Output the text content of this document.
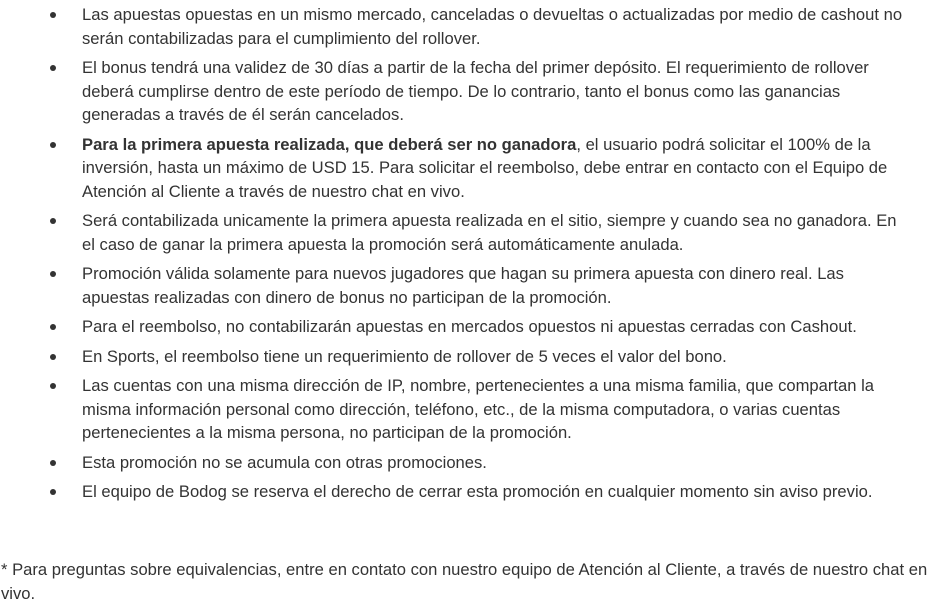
Las apuestas opuestas en un mismo mercado, canceladas o devueltas o actualizadas por medio de cashout no serán contabilizadas para el cumplimiento del rollover.
El bonus tendrá una validez de 30 días a partir de la fecha del primer depósito. El requerimiento de rollover deberá cumplirse dentro de este período de tiempo. De lo contrario, tanto el bonus como las ganancias generadas a través de él serán cancelados.
Para la primera apuesta realizada, que deberá ser no ganadora, el usuario podrá solicitar el 100% de la inversión, hasta un máximo de USD 15. Para solicitar el reembolso, debe entrar en contacto con el Equipo de Atención al Cliente a través de nuestro chat en vivo.
Será contabilizada unicamente la primera apuesta realizada en el sitio, siempre y cuando sea no ganadora. En el caso de ganar la primera apuesta la promoción será automáticamente anulada.
Promoción válida solamente para nuevos jugadores que hagan su primera apuesta con dinero real. Las apuestas realizadas con dinero de bonus no participan de la promoción.
Para el reembolso, no contabilizarán apuestas en mercados opuestos ni apuestas cerradas con Cashout.
En Sports, el reembolso tiene un requerimiento de rollover de 5 veces el valor del bono.
Las cuentas con una misma dirección de IP, nombre, pertenecientes a una misma familia, que compartan la misma información personal como dirección, teléfono, etc., de la misma computadora, o varias cuentas pertenecientes a la misma persona, no participan de la promoción.
Esta promoción no se acumula con otras promociones.
El equipo de Bodog se reserva el derecho de cerrar esta promoción en cualquier momento sin aviso previo.
* Para preguntas sobre equivalencias, entre en contato con nuestro equipo de Atención al Cliente, a través de nuestro chat en vivo.
